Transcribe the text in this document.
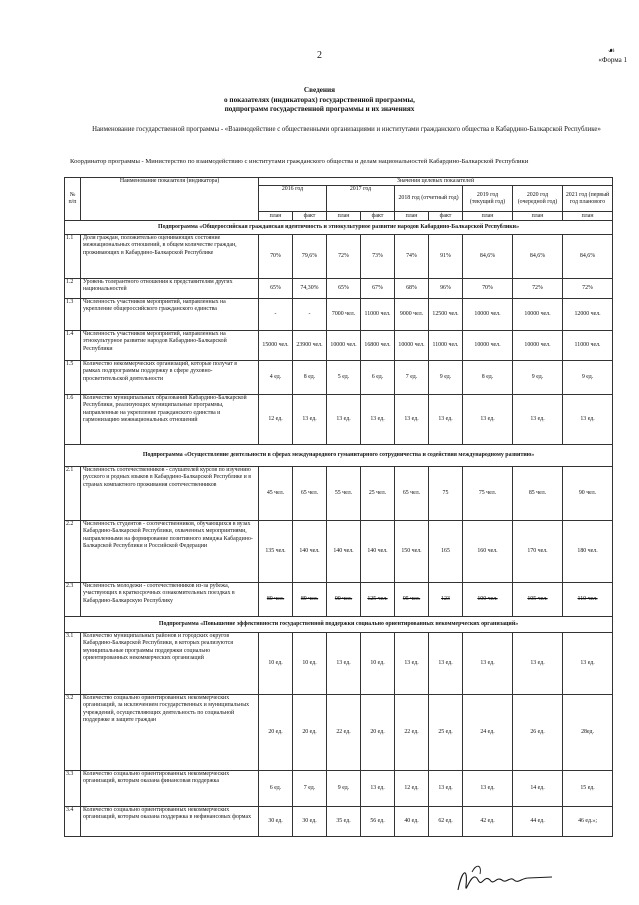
2	☙
«Форма 1
Сведения
о показателях (индикаторах) государственной программы,
подпрограмм государственной программы и их значениях
Наименование государственной программы - «Взаимодействие с общественными организациями и институтами гражданского общества в Кабардино-Балкарской Республике»
Координатор программы - Министерство по взаимодействию с институтами гражданского общества и делам национальностей Кабардино-Балкарской Республики
№ п/п	Наименование показателя (индикатора)	Значения целевых показателей								
		2016 год		2017 год		2018 год (отчетный год)		2019 год (текущий год)	2020 год (очередной год)	2021 год (первый год планового
		план	факт	план	факт	план	факт	план	план	план
Подпрограмма «Общероссийская гражданская идентичность и этнокультурное развитие народов Кабардино-Балкарской Республики»										
1.1	Доля граждан, положительно оценивающих состояние межнациональных отношений, в общем количестве граждан, проживающих в Кабардино-Балкарской Республике	70%	79,6%	72%	73%	74%	91%	84,6%	84,6%	84,6%
1.2	Уровень толерантного отношения к представителям других национальностей	65%	74,30%	65%	67%	68%	96%	70%	72%	72%
1.3	Численность участников мероприятий, направленных на укрепление общероссийского гражданского единства	-	-	7000 чел.	11000 чел.	9000 чел.	12500 чел.	10000 чел.	10000 чел.	12000 чел.
1.4	Численность участников мероприятий, направленных на этнокультурное развитие народов Кабардино-Балкарской Республики	15000 чел.	23900 чел.	10000 чел.	16800 чел.	10000 чел.	11000 чел.	10000 чел.	10000 чел.	11000 чел.
1.5	Количество некоммерческих организаций, которые получат в рамках подпрограммы поддержку в сфере духовно-просветительской деятельности	4 ед.	8 ед.	5 ед.	6 ед.	7 ед.	9 ед.	8 ед.	9 ед.	9 ед.
1.6	Количество муниципальных образований Кабардино-Балкарской Республики, реализующих муниципальные программы, направленные на укрепление гражданского единства и гармонизацию межнациональных отношений	12 ед.	13 ед.	13 ед.	13 ед.	13 ед.	13 ед.	13 ед.	13 ед.	13 ед.
Подпрограмма «Осуществление деятельности в сферах международного гуманитарного сотрудничества и содействия международному развитию»										
2.1	Численность соотечественников - слушателей курсов по изучению русского и родных языков в Кабардино-Балкарской Республике и в странах компактного проживания соотечественников	45 чел.	65 чел.	55 чел.	25 чел.	65 чел.	75	75 чел.	85 чел.	90 чел.
2.2	Численность студентов - соотечественников, обучающихся в вузах Кабардино-Балкарской Республики, охваченных мероприятиями, направленными на формирование позитивного имиджа Кабардино-Балкарской Республики и Российской Федерации	135 чел.	140 чел.	140 чел.	140 чел.	150 чел.	165	160 чел.	170 чел.	180 чел.
2.3	Численность молодежи - соотечественников из-за рубежа, участвующих в краткосрочных ознакомительных поездках в Кабардино-Балкарскую Республику	80 чел.	89 чел.	90 чел.	125 чел.	95 чел.	123	100 чел.	105 чел.	110 чел.
Подпрограмма «Повышение эффективности государственной поддержки социально ориентированных некоммерческих организаций»										
3.1	Количество муниципальных районов и городских округов Кабардино-Балкарской Республики, в которых реализуются муниципальные программы поддержки социально ориентированных некоммерческих организаций	10 ед.	10 ед.	13 ед.	10 ед.	13 ед.	13 ед.	13 ед.	13 ед.	13 ед.
3.2	Количество социально ориентированных некоммерческих организаций, за исключением государственных и муниципальных учреждений, осуществляющих деятельность по социальной поддержке и защите граждан	20 ед.	20 ед.	22 ед.	20 ед.	22 ед.	25 ед.	24 ед.	26 ед.	28ед.
3.3	Количество социально ориентированных некоммерческих организаций, которым оказана финансовая поддержка	6 ед.	7 ед.	9 ед.	13 ед.	12 ед.	13 ед.	13 ед.	14 ед.	15 ед.
3.4	Количество социально ориентированных некоммерческих организаций, которым оказана поддержка в нефинансовых формах	30 ед.	30 ед.	35 ед.	56 ед.	40 ед.	62 ед.	42 ед.	44 ед.	46 ед.»;
